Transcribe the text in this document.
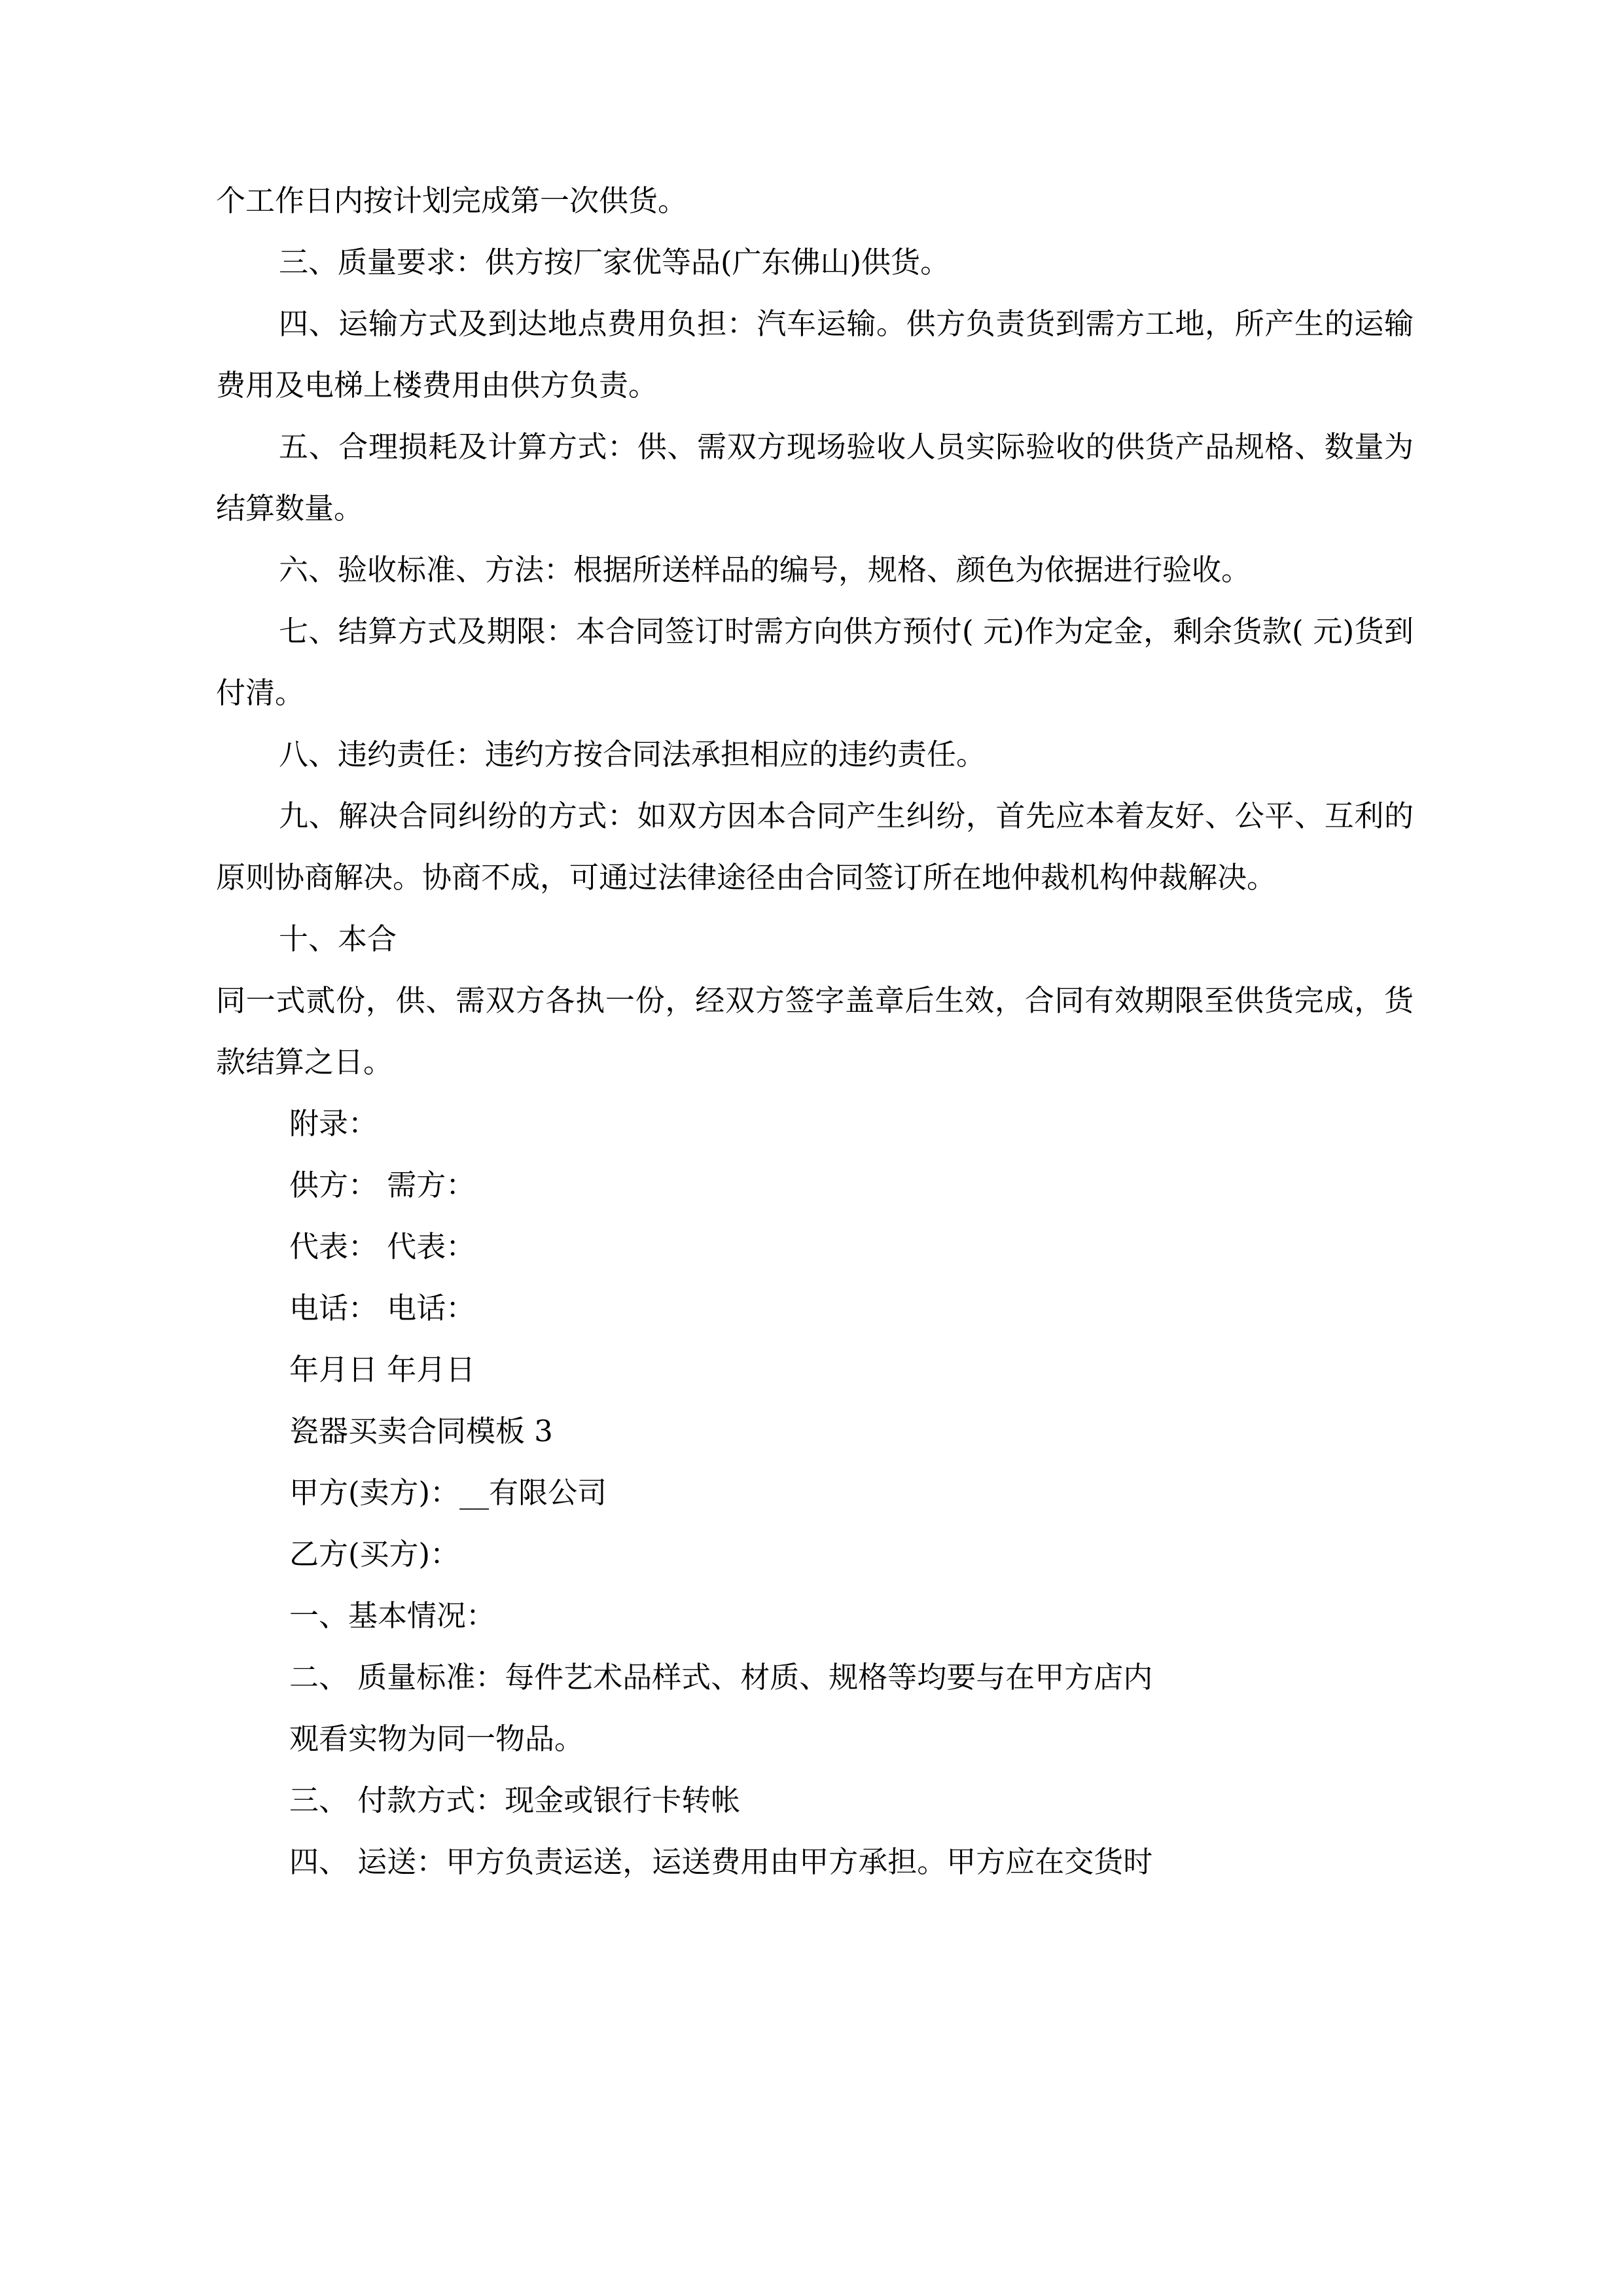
个工作日内按计划完成第一次供货。

三、质量要求：供方按厂家优等品(广东佛山)供货。

四、运输方式及到达地点费用负担：汽车运输。供方负责货到需方工地，所产生的运输费用及电梯上楼费用由供方负责。

五、合理损耗及计算方式：供、需双方现场验收人员实际验收的供货产品规格、数量为结算数量。

六、验收标准、方法：根据所送样品的编号，规格、颜色为依据进行验收。

七、结算方式及期限：本合同签订时需方向供方预付( 元)作为定金，剩余货款( 元)货到付清。

八、违约责任：违约方按合同法承担相应的违约责任。

九、解决合同纠纷的方式：如双方因本合同产生纠纷，首先应本着友好、公平、互利的原则协商解决。协商不成，可通过法律途径由合同签订所在地仲裁机构仲裁解决。

十、本合

同一式贰份，供、需双方各执一份，经双方签字盖章后生效，合同有效期限至供货完成，货款结算之日。

附录：

供方： 需方：

代表： 代表：

电话： 电话：

年月日 年月日

瓷器买卖合同模板 3

甲方(卖方)：__有限公司

乙方(买方)：

一、基本情况：

二、 质量标准：每件艺术品样式、材质、规格等均要与在甲方店内

观看实物为同一物品。

三、 付款方式：现金或银行卡转帐

四、 运送：甲方负责运送，运送费用由甲方承担。甲方应在交货时
